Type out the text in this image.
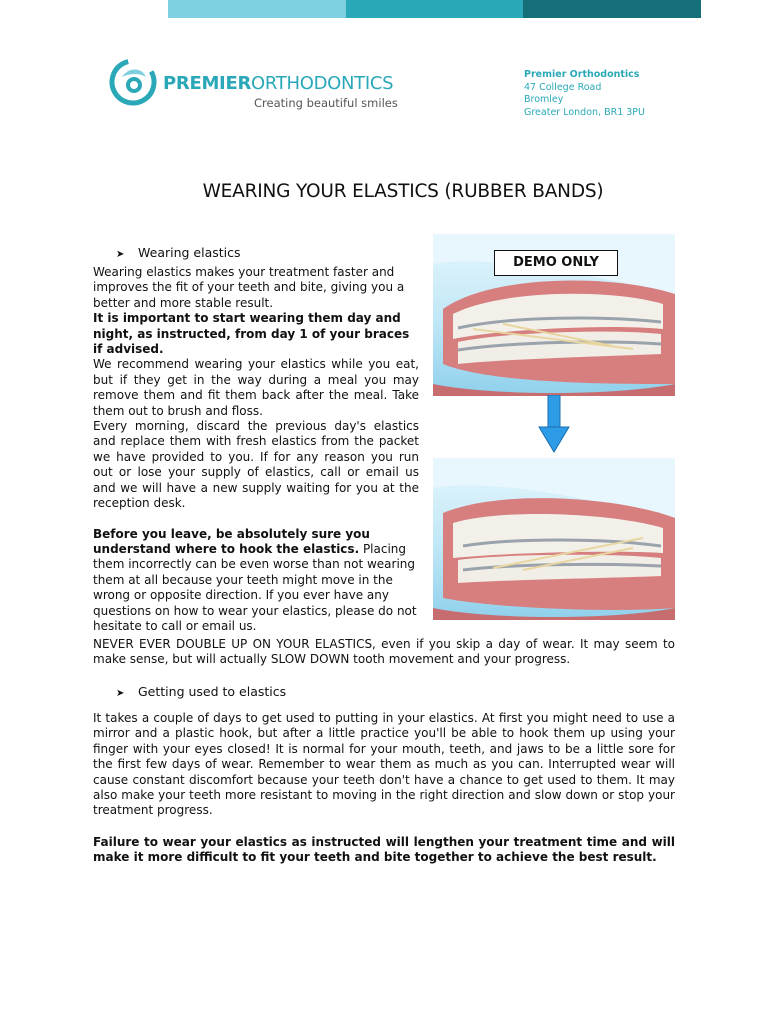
PREMIERORTHODONTICS
Creating beautiful smiles
Premier Orthodontics
47 College Road
Bromley
Greater London, BR1 3PU
WEARING YOUR ELASTICS (RUBBER BANDS)
➤ Wearing elastics

Wearing elastics makes your treatment faster and improves the fit of your teeth and bite, giving you a better and more stable result.

It is important to start wearing them day and night, as instructed, from day 1 of your braces if advised.

We recommend wearing your elastics while you eat, but if they get in the way during a meal you may remove them and fit them back after the meal. Take them out to brush and floss.

Every morning, discard the previous day's elastics and replace them with fresh elastics from the packet we have provided to you. If for any reason you run out or lose your supply of elastics, call or email us and we will have a new supply waiting for you at the reception desk.

Before you leave, be absolutely sure you understand where to hook the elastics. Placing them incorrectly can be even worse than not wearing them at all because your teeth might move in the wrong or opposite direction. If you ever have any questions on how to wear your elastics, please do not hesitate to call or email us.

DEMO ONLY

NEVER EVER DOUBLE UP ON YOUR ELASTICS, even if you skip a day of wear. It may seem to make sense, but will actually SLOW DOWN tooth movement and your progress.

➤ Getting used to elastics

It takes a couple of days to get used to putting in your elastics. At first you might need to use a mirror and a plastic hook, but after a little practice you'll be able to hook them up using your finger with your eyes closed! It is normal for your mouth, teeth, and jaws to be a little sore for the first few days of wear. Remember to wear them as much as you can. Interrupted wear will cause constant discomfort because your teeth don't have a chance to get used to them. It may also make your teeth more resistant to moving in the right direction and slow down or stop your treatment progress.

Failure to wear your elastics as instructed will lengthen your treatment time and will make it more difficult to fit your teeth and bite together to achieve the best result.
